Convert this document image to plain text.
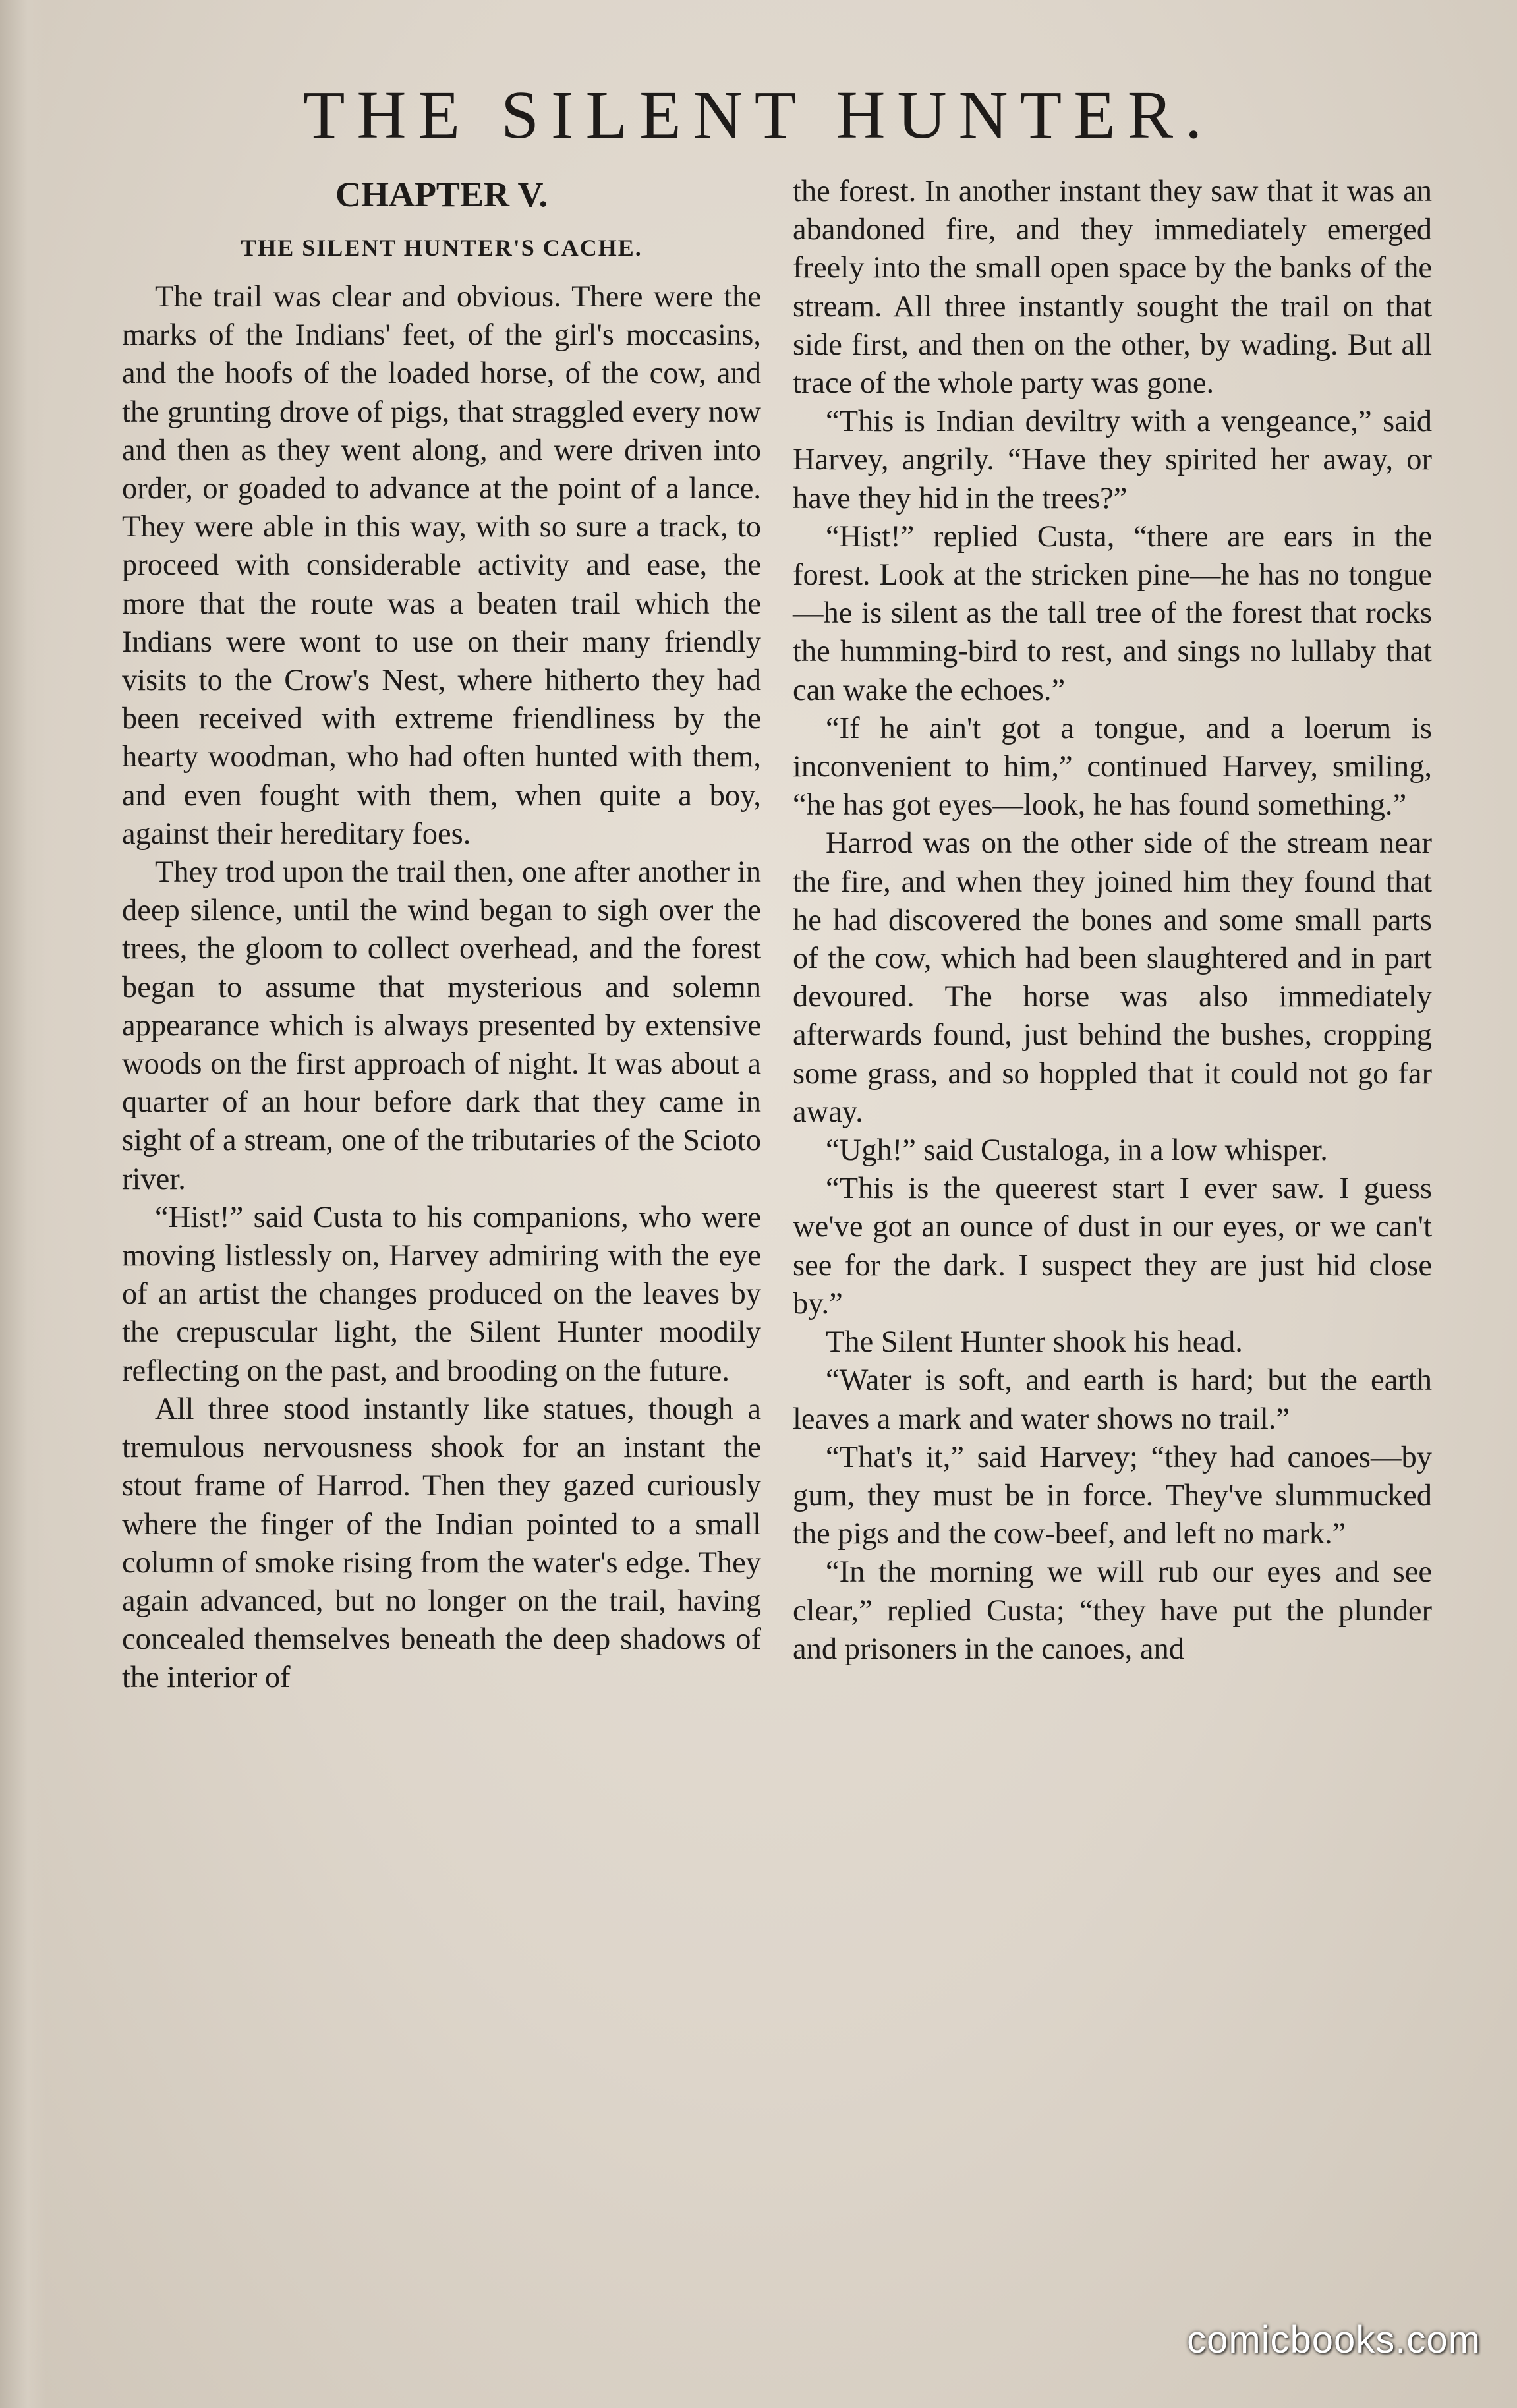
THE SILENT HUNTER.
CHAPTER V.
THE SILENT HUNTER'S CACHE.

The trail was clear and obvious. There were the marks of the Indians' feet, of the girl's moccasins, and the hoofs of the loaded horse, of the cow, and the grunting drove of pigs, that straggled every now and then as they went along, and were driven into order, or goaded to advance at the point of a lance. They were able in this way, with so sure a track, to proceed with considerable activity and ease, the more that the route was a beaten trail which the Indians were wont to use on their many friendly visits to the Crow's Nest, where hitherto they had been received with extreme friendliness by the hearty woodman, who had often hunted with them, and even fought with them, when quite a boy, against their hereditary foes.

They trod upon the trail then, one after another in deep silence, until the wind began to sigh over the trees, the gloom to collect overhead, and the forest began to assume that mysterious and solemn appearance which is always presented by extensive woods on the first approach of night. It was about a quarter of an hour before dark that they came in sight of a stream, one of the tributaries of the Scioto river.

“Hist!” said Custa to his companions, who were moving listlessly on, Harvey admiring with the eye of an artist the changes produced on the leaves by the crepuscular light, the Silent Hunter moodily reflecting on the past, and brooding on the future.

All three stood instantly like statues, though a tremulous nervousness shook for an instant the stout frame of Harrod. Then they gazed curiously where the finger of the Indian pointed to a small column of smoke rising from the water's edge. They again advanced, but no longer on the trail, having concealed themselves beneath the deep shadows of the interior of

the forest. In another instant they saw that it was an abandoned fire, and they immediately emerged freely into the small open space by the banks of the stream. All three instantly sought the trail on that side first, and then on the other, by wading. But all trace of the whole party was gone.

“This is Indian deviltry with a vengeance,” said Harvey, angrily. “Have they spirited her away, or have they hid in the trees?”

“Hist!” replied Custa, “there are ears in the forest. Look at the stricken pine—he has no tongue—he is silent as the tall tree of the forest that rocks the humming-bird to rest, and sings no lullaby that can wake the echoes.”

“If he ain't got a tongue, and a loerum is inconvenient to him,” continued Harvey, smiling, “he has got eyes—look, he has found something.”

Harrod was on the other side of the stream near the fire, and when they joined him they found that he had discovered the bones and some small parts of the cow, which had been slaughtered and in part devoured. The horse was also immediately afterwards found, just behind the bushes, cropping some grass, and so hoppled that it could not go far away.

“Ugh!” said Custaloga, in a low whisper.

“This is the queerest start I ever saw. I guess we've got an ounce of dust in our eyes, or we can't see for the dark. I suspect they are just hid close by.”

The Silent Hunter shook his head.

“Water is soft, and earth is hard; but the earth leaves a mark and water shows no trail.”

“That's it,” said Harvey; “they had canoes—by gum, they must be in force. They've slummucked the pigs and the cow-beef, and left no mark.”

“In the morning we will rub our eyes and see clear,” replied Custa; “they have put the plunder and prisoners in the canoes, and

comicbooks.com
